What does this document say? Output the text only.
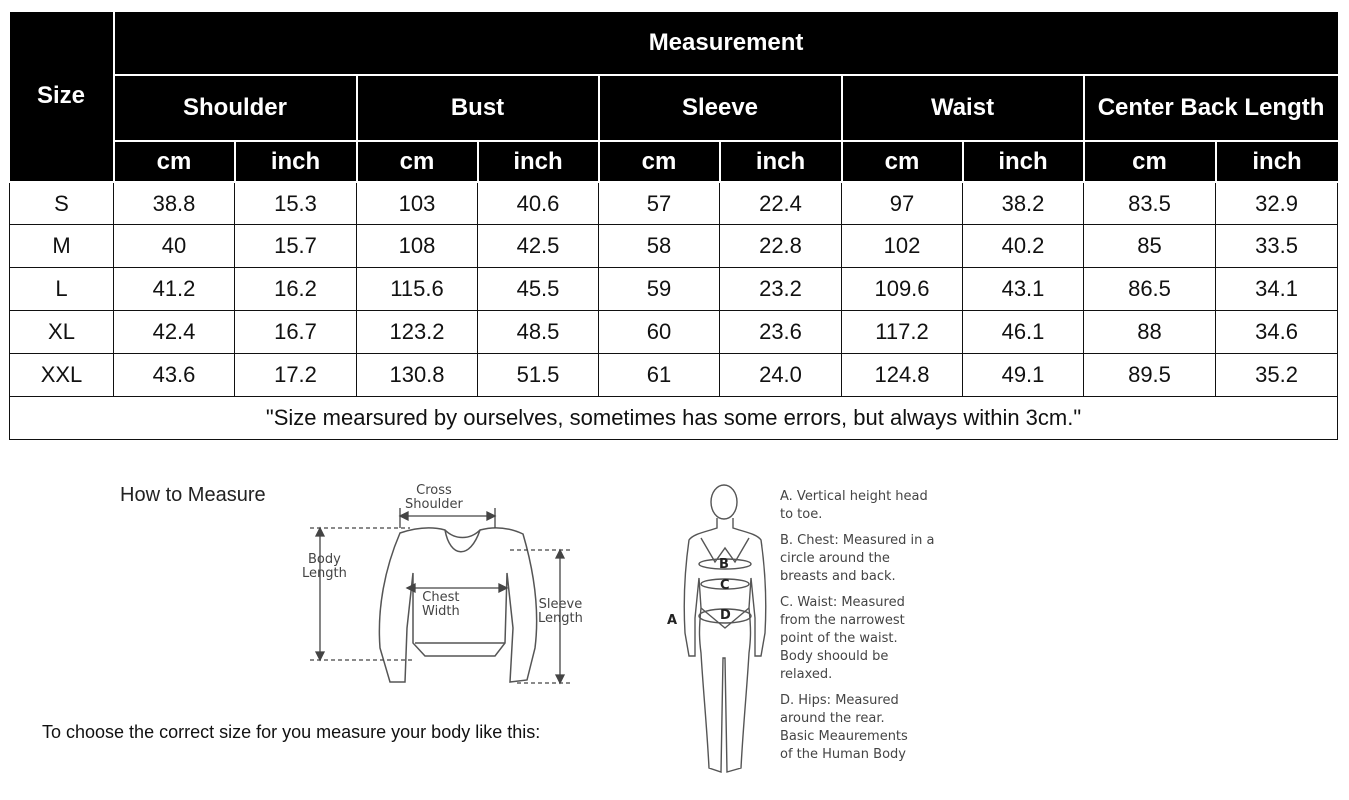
Size	Measurement									
	Shoulder		Bust		Sleeve		Waist		Center Back Length	
	cm	inch	cm	inch	cm	inch	cm	inch	cm	inch
S	38.8	15.3	103	40.6	57	22.4	97	38.2	83.5	32.9
M	40	15.7	108	42.5	58	22.8	102	40.2	85	33.5
L	41.2	16.2	115.6	45.5	59	23.2	109.6	43.1	86.5	34.1
XL	42.4	16.7	123.2	48.5	60	23.6	117.2	46.1	88	34.6
XXL	43.6	17.2	130.8	51.5	61	24.0	124.8	49.1	89.5	35.2
"Size mearsured by ourselves, sometimes has some errors, but always within 3cm."										
How to Measure	Cross
Shoulder
Body
Length
Chest
Width	Sleeve
Length
To choose the correct size for you measure your body like this:
B
C
D
A
A. Vertical height head
to toe.
B. Chest: Measured in a
circle around the
breasts and back.
C. Waist: Measured
from the narrowest
point of the waist.
Body shoould be
relaxed.
D. Hips: Measured
around the rear.
Basic Meaurements
of the Human Body
